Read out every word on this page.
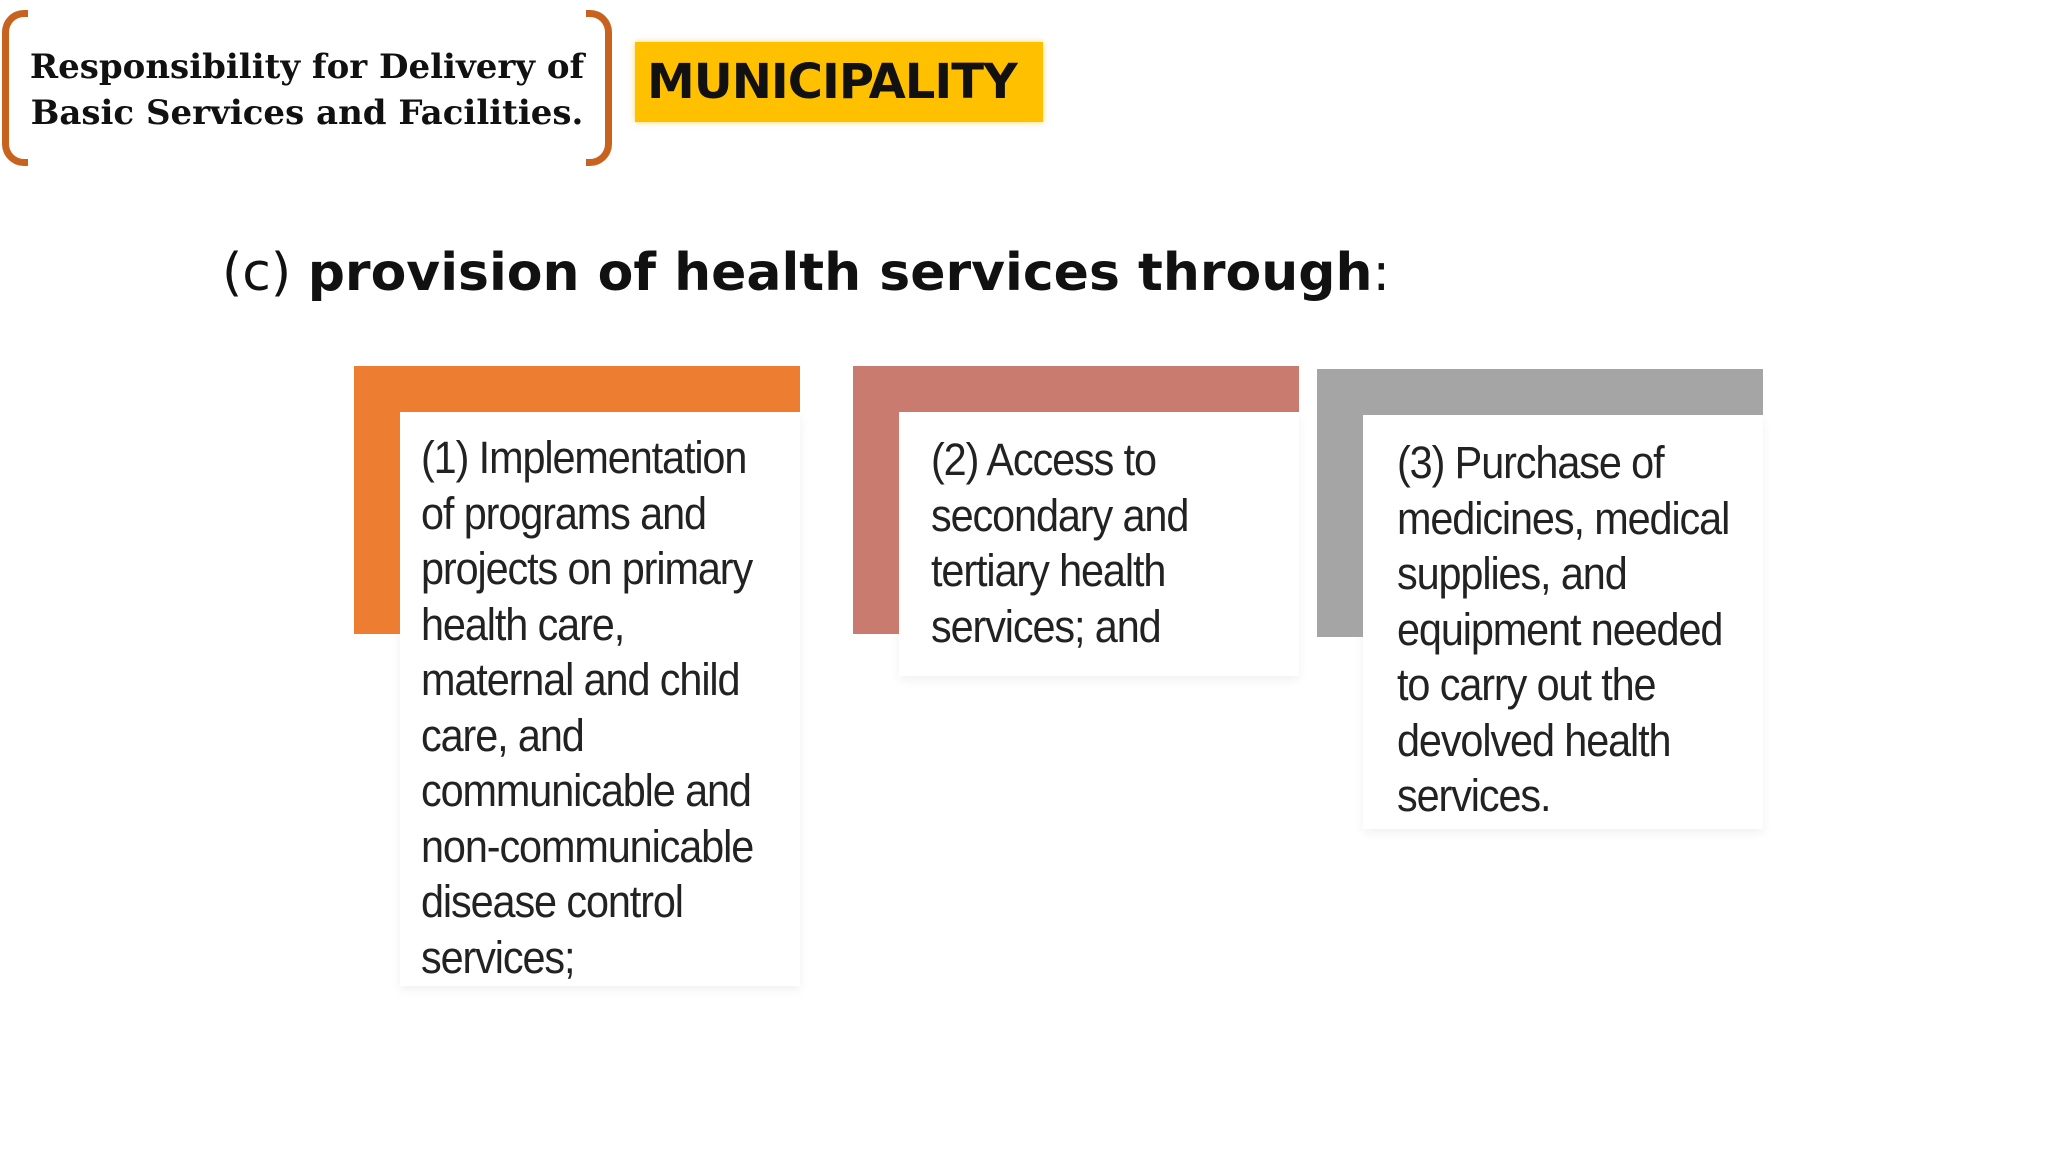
Responsibility for Delivery of
Basic Services and Facilities.
MUNICIPALITY
(c) provision of health services through:
(1) Implementation
of programs and
projects on primary
health care,
maternal and child
care, and
communicable and
non-communicable
disease control
services;
(2) Access to
secondary and
tertiary health
services; and
(3) Purchase of
medicines, medical
supplies, and
equipment needed
to carry out the
devolved health
services.
